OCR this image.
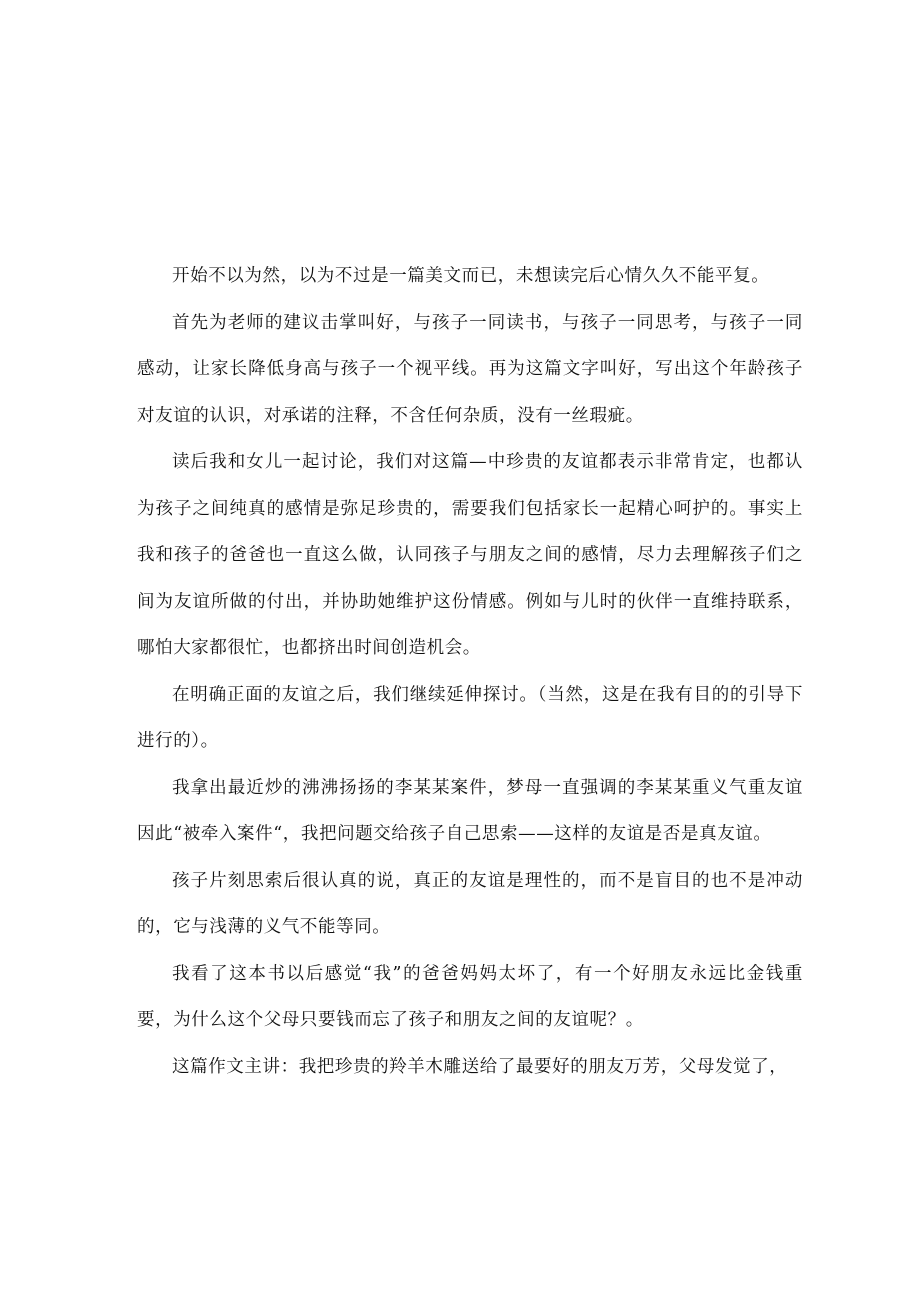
开始不以为然，以为不过是一篇美文而已，未想读完后心情久久不能平复。

首先为老师的建议击掌叫好，与孩子一同读书，与孩子一同思考，与孩子一同感动，让家长降低身高与孩子一个视平线。再为这篇文字叫好，写出这个年龄孩子对友谊的认识，对承诺的注释，不含任何杂质，没有一丝瑕疵。

读后我和女儿一起讨论，我们对这篇—中珍贵的友谊都表示非常肯定，也都认为孩子之间纯真的感情是弥足珍贵的，需要我们包括家长一起精心呵护的。事实上我和孩子的爸爸也一直这么做，认同孩子与朋友之间的感情，尽力去理解孩子们之间为友谊所做的付出，并协助她维护这份情感。例如与儿时的伙伴一直维持联系，哪怕大家都很忙，也都挤出时间创造机会。

在明确正面的友谊之后，我们继续延伸探讨。（当然，这是在我有目的的引导下进行的）。

我拿出最近炒的沸沸扬扬的李某某案件，梦母一直强调的李某某重义气重友谊因此“被牵入案件“，我把问题交给孩子自己思索——这样的友谊是否是真友谊。

孩子片刻思索后很认真的说，真正的友谊是理性的，而不是盲目的也不是冲动的，它与浅薄的义气不能等同。

我看了这本书以后感觉“我”的爸爸妈妈太坏了，有一个好朋友永远比金钱重要，为什么这个父母只要钱而忘了孩子和朋友之间的友谊呢？。

这篇作文主讲：我把珍贵的羚羊木雕送给了最要好的朋友万芳，父母发觉了，
